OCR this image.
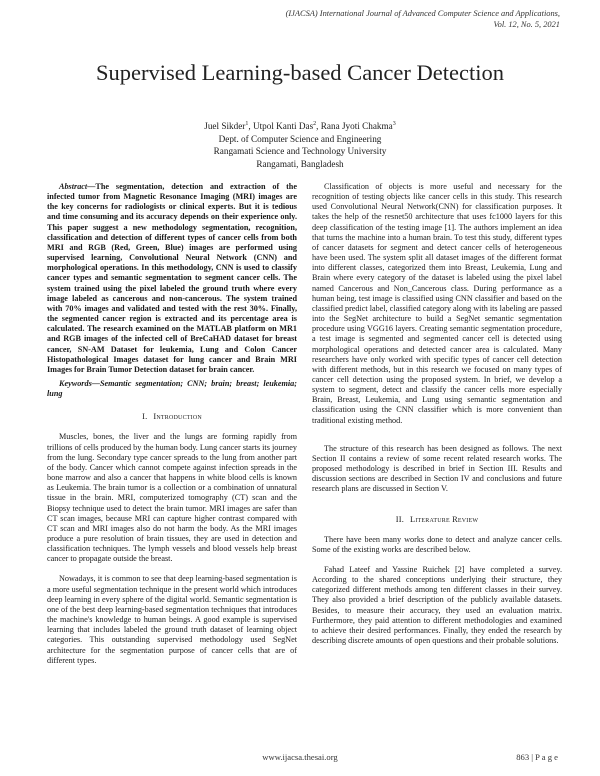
(IJACSA) International Journal of Advanced Computer Science and Applications,
Vol. 12, No. 5, 2021
Supervised Learning-based Cancer Detection
Juel Sikder$^1$, Utpol Kanti Das$^2$, Rana Jyoti Chakma$^3$
Dept. of Computer Science and Engineering
Rangamati Science and Technology University
Rangamati, Bangladesh

Abstract—The segmentation, detection and extraction of the infected tumor from Magnetic Resonance Imaging (MRI) images are the key concerns for radiologists or clinical experts. But it is tedious and time consuming and its accuracy depends on their experience only. This paper suggest a new methodology segmentation, recognition, classification and detection of different types of cancer cells from both MRI and RGB (Red, Green, Blue) images are performed using supervised learning, Convolutional Neural Network (CNN) and morphological operations. In this methodology, CNN is used to classify cancer types and semantic segmentation to segment cancer cells. The system trained using the pixel labeled the ground truth where every image labeled as cancerous and non-cancerous. The system trained with 70% images and validated and tested with the rest 30%. Finally, the segmented cancer region is extracted and its percentage area is calculated. The research examined on the MATLAB platform on MR1 and RGB images of the infected cell of BreCaHAD dataset for breast cancer, SN-AM Dataset for leukemia, Lung and Colon Cancer Histopathological Images dataset for lung cancer and Brain MRI Images for Brain Tumor Detection dataset for brain cancer.

Keywords—Semantic segmentation; CNN; brain; breast; leukemia; lung

I. Introduction

Muscles, bones, the liver and the lungs are forming rapidly from trillions of cells produced by the human body. Lung cancer starts its journey from the lung. Secondary type cancer spreads to the lung from another part of the body. Cancer which cannot compete against infection spreads in the bone marrow and also a cancer that happens in white blood cells is known as Leukemia. The brain tumor is a collection or a combination of unnatural tissue in the brain. MRI, computerized tomography (CT) scan and the Biopsy technique used to detect the brain tumor. MRI images are safer than CT scan images, because MRI can capture higher contrast compared with CT scan and MRI images also do not harm the body. As the MRI images produce a pure resolution of brain tissues, they are used in detection and classification techniques. The lymph vessels and blood vessels help breast cancer to propagate outside the breast.

Nowadays, it is common to see that deep learning-based segmentation is a more useful segmentation technique in the present world which introduces deep learning in every sphere of the digital world. Semantic segmentation is one of the best deep learning-based segmentation techniques that introduces the machine's knowledge to human beings. A good example is supervised learning that includes labeled the ground truth dataset of learning object categories. This outstanding supervised methodology used SegNet architecture for the segmentation purpose of cancer cells that are of different types.

Classification of objects is more useful and necessary for the recognition of testing objects like cancer cells in this study. This research used Convolutional Neural Network(CNN) for classification purposes. It takes the help of the resnet50 architecture that uses fc1000 layers for this deep classification of the testing image [1]. The authors implement an idea that turns the machine into a human brain. To test this study, different types of cancer datasets for segment and detect cancer cells of heterogeneous have been used. The system split all dataset images of the different format into different classes, categorized them into Breast, Leukemia, Lung and Brain where every category of the dataset is labeled using the pixel label named Cancerous and Non_Cancerous class. During performance as a human being, test image is classified using CNN classifier and based on the classified predict label, classified category along with its labeling are passed into the SegNet architecture to build a SegNet semantic segmentation procedure using VGG16 layers. Creating semantic segmentation procedure, a test image is segmented and segmented cancer cell is detected using morphological operations and detected cancer area is calculated. Many researchers have only worked with specific types of cancer cell detection with different methods, but in this research we focused on many types of cancer cell detection using the proposed system. In brief, we develop a system to segment, detect and classify the cancer cells more especially Brain, Breast, Leukemia, and Lung using semantic segmentation and classification using the CNN classifier which is more convenient than traditional existing method.

The structure of this research has been designed as follows. The next Section II contains a review of some recent related research works. The proposed methodology is described in brief in Section III. Results and discussion sections are described in Section IV and conclusions and future research plans are discussed in Section V.

II. Literature Review

There have been many works done to detect and analyze cancer cells. Some of the existing works are described below.

Fahad Lateef and Yassine Ruichek [2] have completed a survey. According to the shared conceptions underlying their structure, they categorized different methods among ten different classes in their survey. They also provided a brief description of the publicly available datasets. Besides, to measure their accuracy, they used an evaluation matrix. Furthermore, they paid attention to different methodologies and examined to achieve their desired performances. Finally, they ended the research by describing discrete amounts of open questions and their probable solutions.

www.ijacsa.thesai.org	863 | P a g e
